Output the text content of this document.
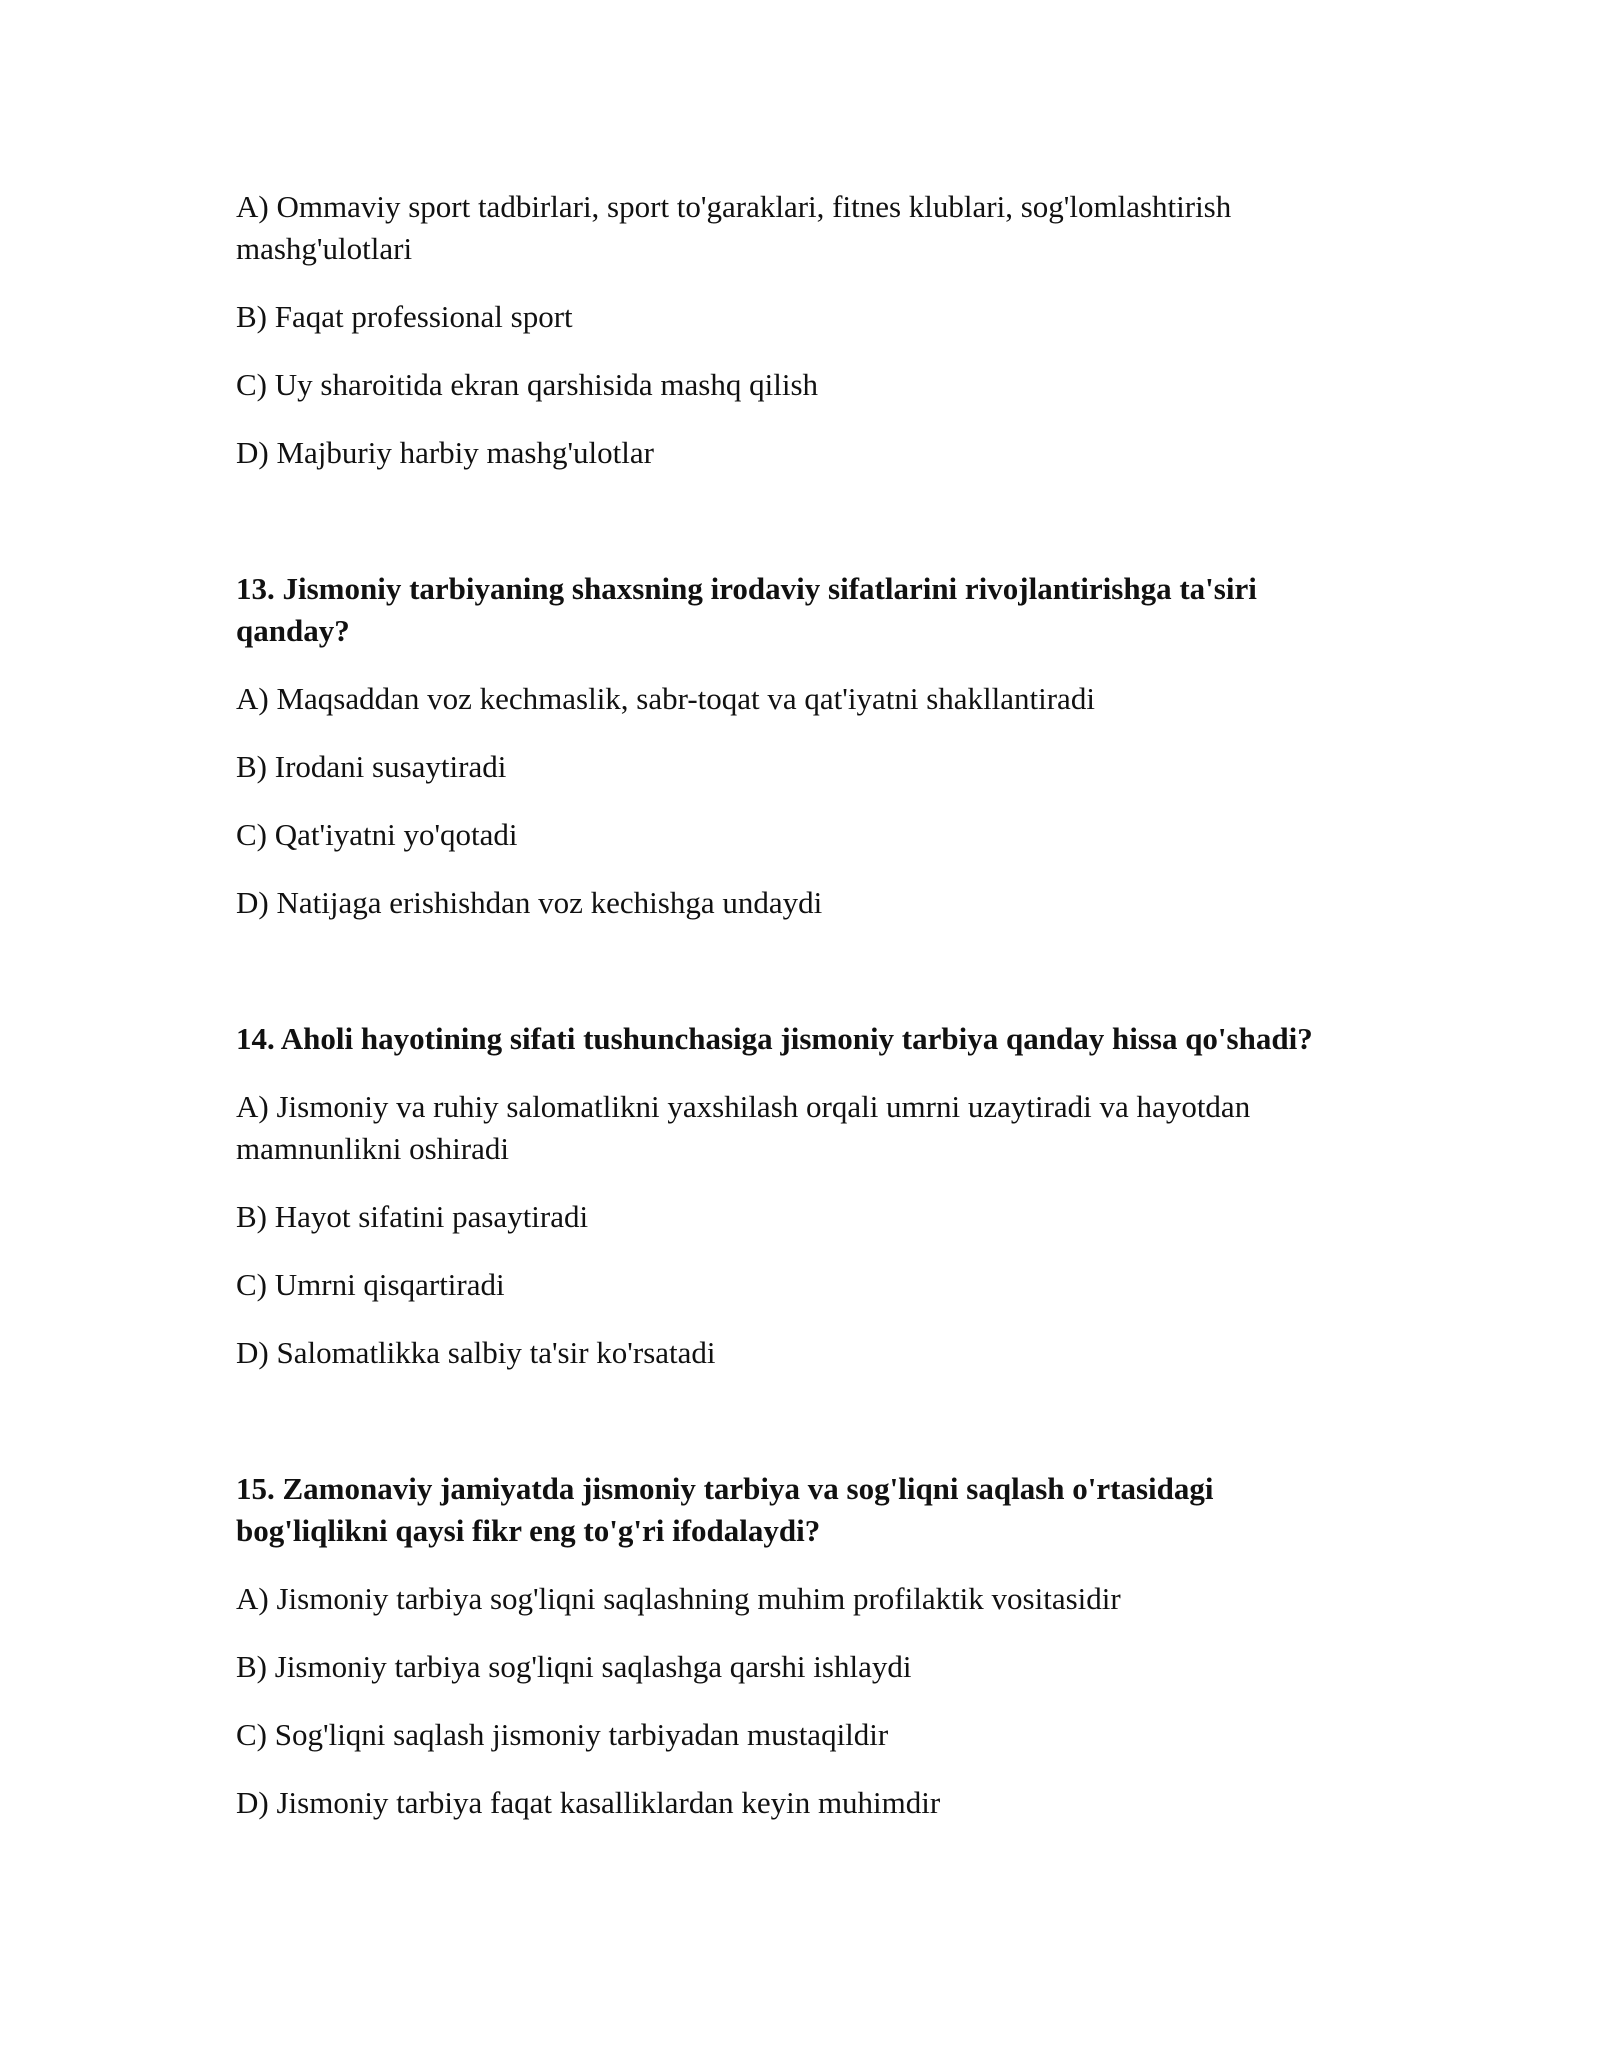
A) Ommaviy sport tadbirlari, sport to'garaklari, fitnes klublari, sog'lomlashtirish mashg'ulotlari

B) Faqat professional sport

C) Uy sharoitida ekran qarshisida mashq qilish

D) Majburiy harbiy mashg'ulotlar

13. Jismoniy tarbiyaning shaxsning irodaviy sifatlarini rivojlantirishga ta'siri qanday?

A) Maqsaddan voz kechmaslik, sabr-toqat va qat'iyatni shakllantiradi

B) Irodani susaytiradi

C) Qat'iyatni yo'qotadi

D) Natijaga erishishdan voz kechishga undaydi

14. Aholi hayotining sifati tushunchasiga jismoniy tarbiya qanday hissa qo'shadi?

A) Jismoniy va ruhiy salomatlikni yaxshilash orqali umrni uzaytiradi va hayotdan mamnunlikni oshiradi

B) Hayot sifatini pasaytiradi

C) Umrni qisqartiradi

D) Salomatlikka salbiy ta'sir ko'rsatadi

15. Zamonaviy jamiyatda jismoniy tarbiya va sog'liqni saqlash o'rtasidagi bog'liqlikni qaysi fikr eng to'g'ri ifodalaydi?

A) Jismoniy tarbiya sog'liqni saqlashning muhim profilaktik vositasidir

B) Jismoniy tarbiya sog'liqni saqlashga qarshi ishlaydi

C) Sog'liqni saqlash jismoniy tarbiyadan mustaqildir

D) Jismoniy tarbiya faqat kasalliklardan keyin muhimdir
